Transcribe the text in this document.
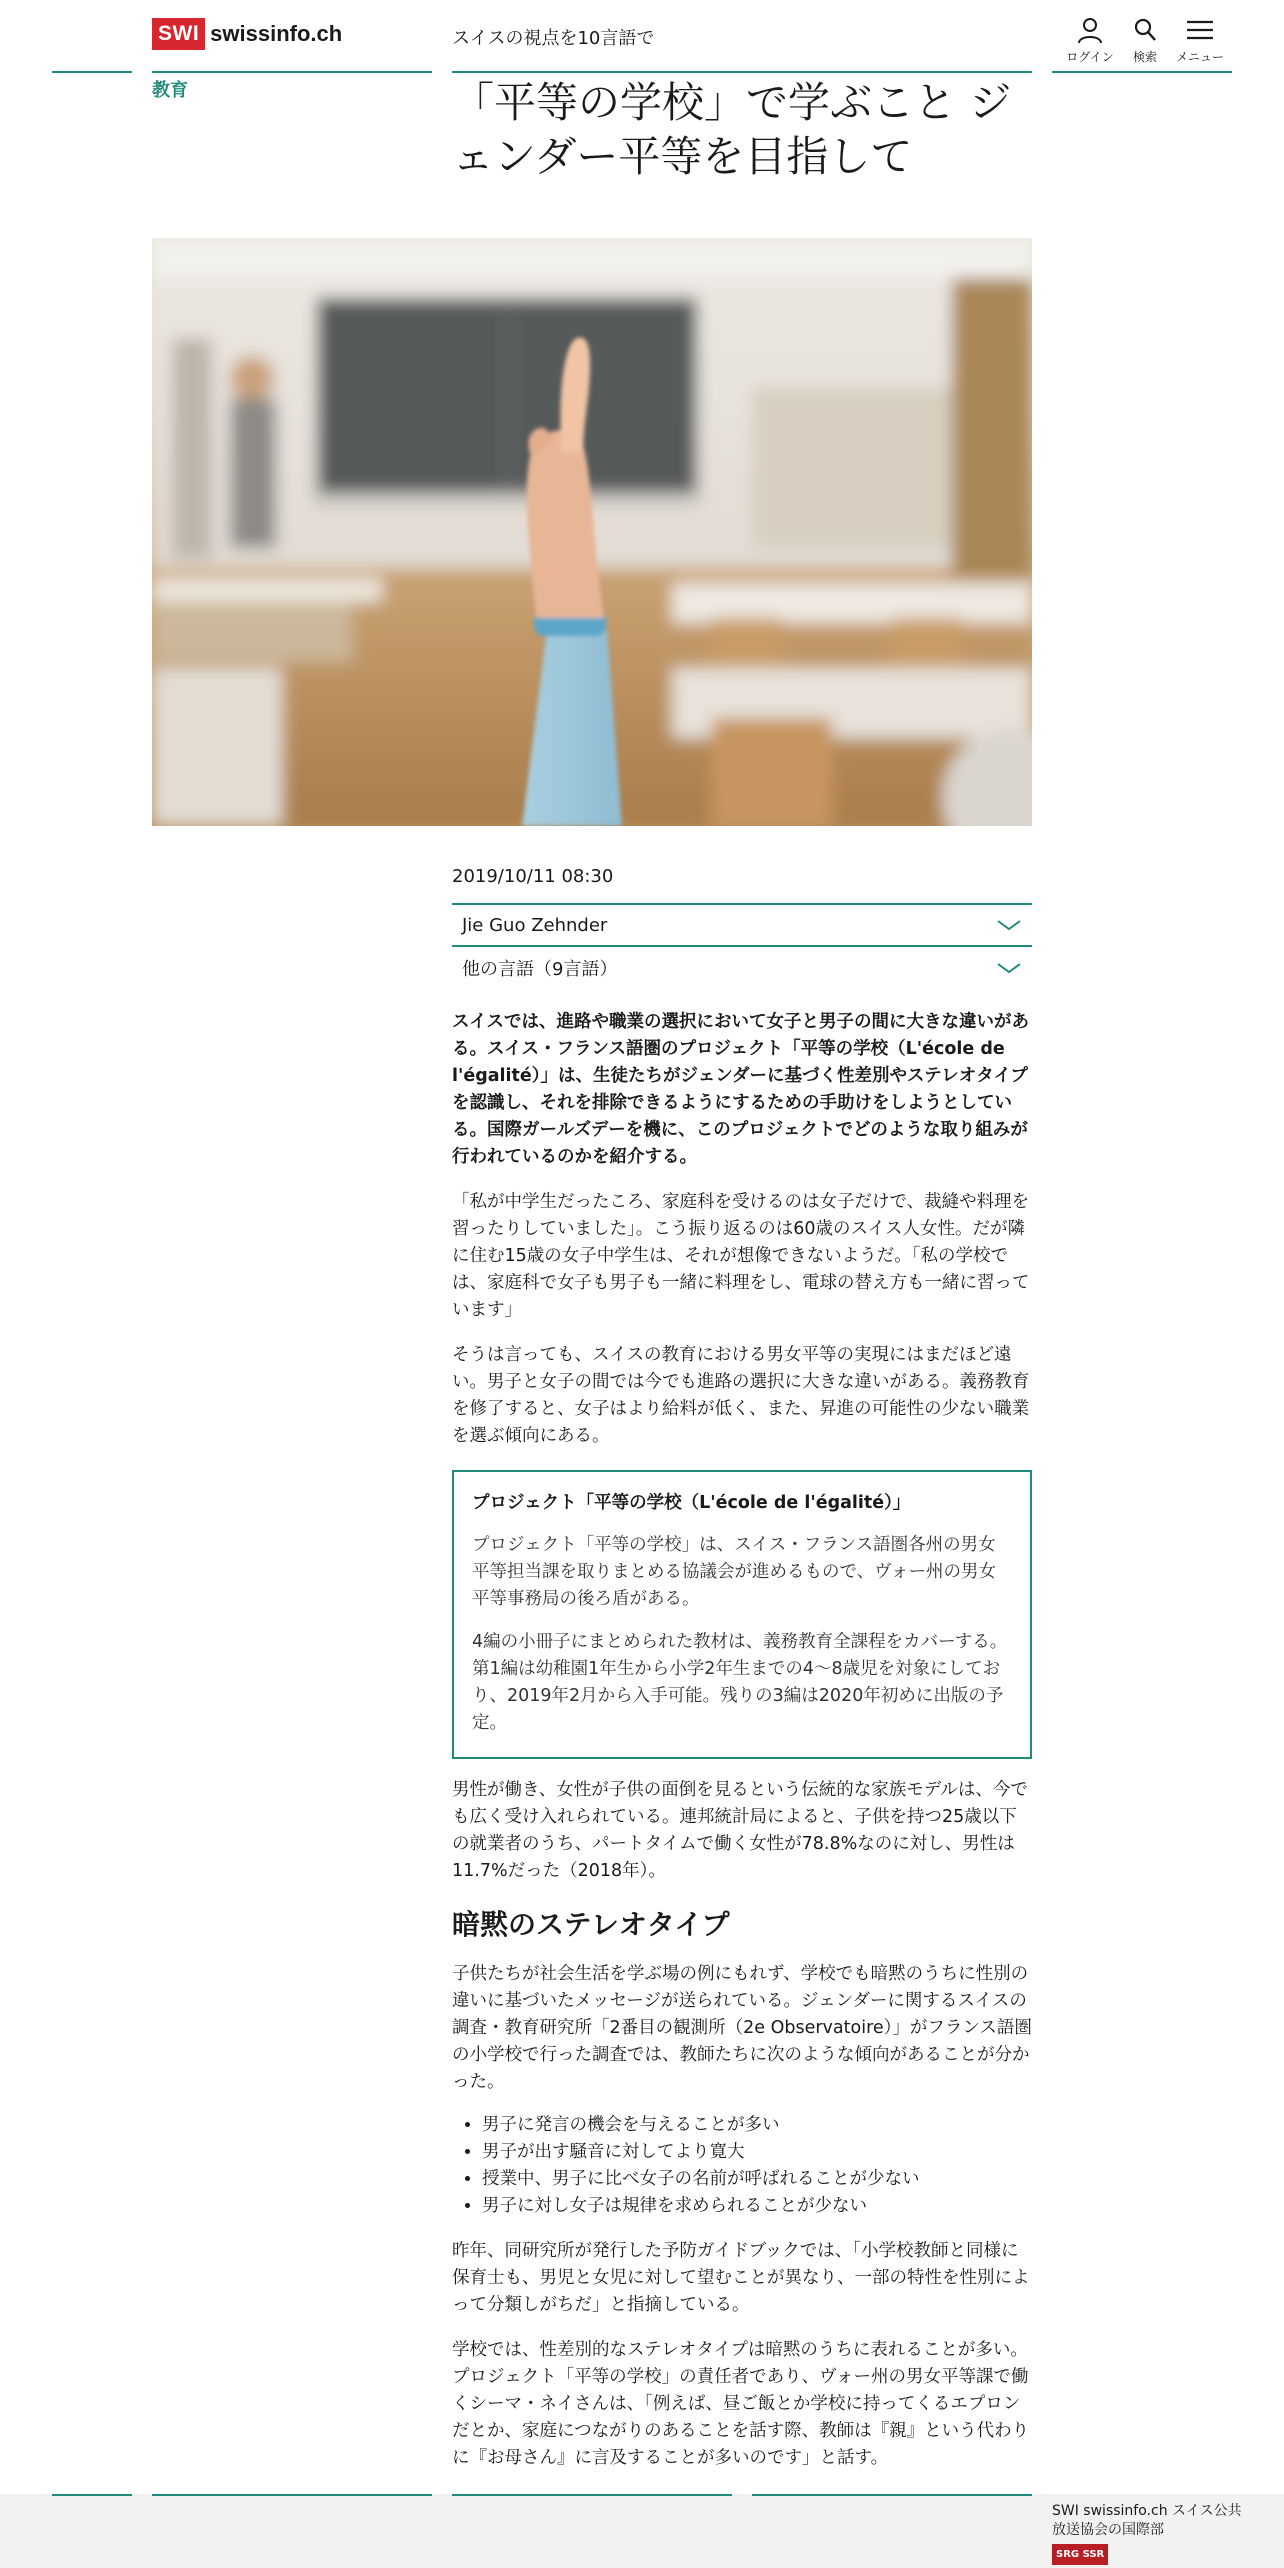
SWI swissinfo.ch	スイスの視点を10言語で
ログイン	検索	メニュー
教育	「平等の学校」で学ぶこと ジェンダー平等を目指して
2019/10/11 08:30
Jie Guo Zehnder
他の言語（9言語）

スイスでは、進路や職業の選択において女子と男子の間に大きな違いがある。スイス・フランス語圏のプロジェクト「平等の学校（L'école de l'égalité）」は、生徒たちがジェンダーに基づく性差別やステレオタイプを認識し、それを排除できるようにするための手助けをしようとしている。国際ガールズデーを機に、このプロジェクトでどのような取り組みが行われているのかを紹介する。

「私が中学生だったころ、家庭科を受けるのは女子だけで、裁縫や料理を習ったりしていました」。こう振り返るのは60歳のスイス人女性。だが隣に住む15歳の女子中学生は、それが想像できないようだ。「私の学校では、家庭科で女子も男子も一緒に料理をし、電球の替え方も一緒に習っています」

そうは言っても、スイスの教育における男女平等の実現にはまだほど遠い。男子と女子の間では今でも進路の選択に大きな違いがある。義務教育を修了すると、女子はより給料が低く、また、昇進の可能性の少ない職業を選ぶ傾向にある。

プロジェクト「平等の学校（L'école de l'égalité）」

プロジェクト「平等の学校」は、スイス・フランス語圏各州の男女平等担当課を取りまとめる協議会が進めるもので、ヴォー州の男女平等事務局の後ろ盾がある。

4編の小冊子にまとめられた教材は、義務教育全課程をカバーする。第1編は幼稚園1年生から小学2年生までの4～8歳児を対象にしており、2019年2月から入手可能。残りの3編は2020年初めに出版の予定。

男性が働き、女性が子供の面倒を見るという伝統的な家族モデルは、今でも広く受け入れられている。連邦統計局によると、子供を持つ25歳以下の就業者のうち、パートタイムで働く女性が78.8%なのに対し、男性は11.7%だった（2018年）。

暗黙のステレオタイプ

子供たちが社会生活を学ぶ場の例にもれず、学校でも暗黙のうちに性別の違いに基づいたメッセージが送られている。ジェンダーに関するスイスの調査・教育研究所「2番目の観測所（2e Observatoire）」がフランス語圏の小学校で行った調査では、教師たちに次のような傾向があることが分かった。

• 男子に発言の機会を与えることが多い
• 男子が出す騒音に対してより寛大
• 授業中、男子に比べ女子の名前が呼ばれることが少ない
• 男子に対し女子は規律を求められることが少ない

昨年、同研究所が発行した予防ガイドブックでは、「小学校教師と同様に保育士も、男児と女児に対して望むことが異なり、一部の特性を性別によって分類しがちだ」と指摘している。

学校では、性差別的なステレオタイプは暗黙のうちに表れることが多い。プロジェクト「平等の学校」の責任者であり、ヴォー州の男女平等課で働くシーマ・ネイさんは、「例えば、昼ご飯とか学校に持ってくるエプロンだとか、家庭につながりのあることを話す際、教師は『親』という代わりに『お母さん』に言及することが多いのです」と話す。

SWI swissinfo.ch スイス公共放送協会の国際部
SRG SSR
